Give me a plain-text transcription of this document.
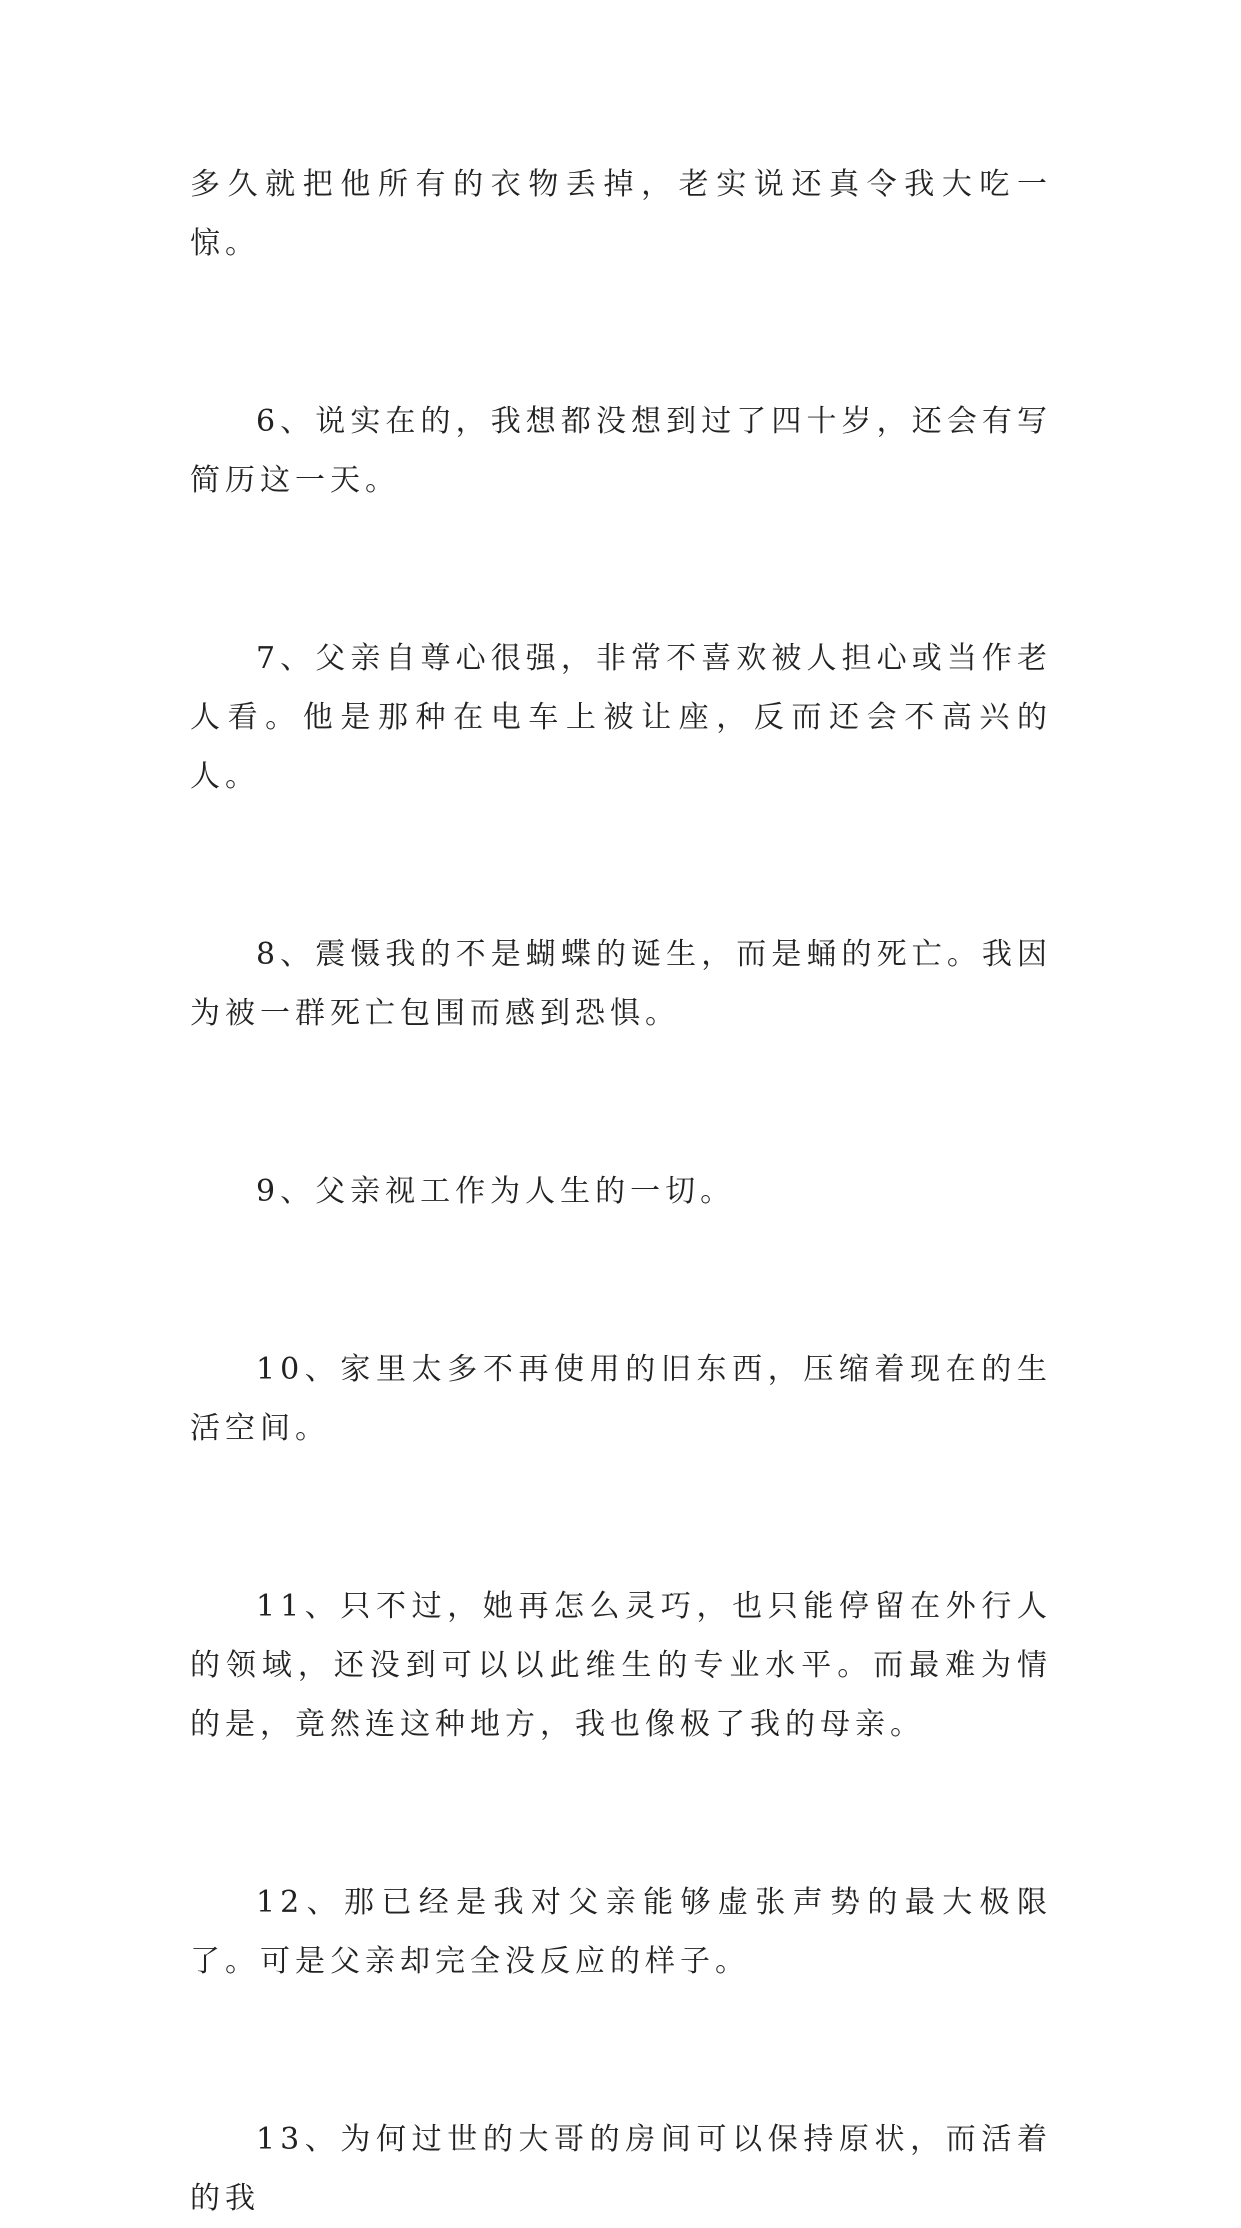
多久就把他所有的衣物丢掉，老实说还真令我大吃一惊。

6、说实在的，我想都没想到过了四十岁，还会有写简历这一天。

7、父亲自尊心很强，非常不喜欢被人担心或当作老人看。他是那种在电车上被让座，反而还会不高兴的人。

8、震慑我的不是蝴蝶的诞生，而是蛹的死亡。我因为被一群死亡包围而感到恐惧。

9、父亲视工作为人生的一切。

10、家里太多不再使用的旧东西，压缩着现在的生活空间。

11、只不过，她再怎么灵巧，也只能停留在外行人的领域，还没到可以以此维生的专业水平。而最难为情的是，竟然连这种地方，我也像极了我的母亲。

12、那已经是我对父亲能够虚张声势的最大极限了。可是父亲却完全没反应的样子。

13、为何过世的大哥的房间可以保持原状，而活着的我
